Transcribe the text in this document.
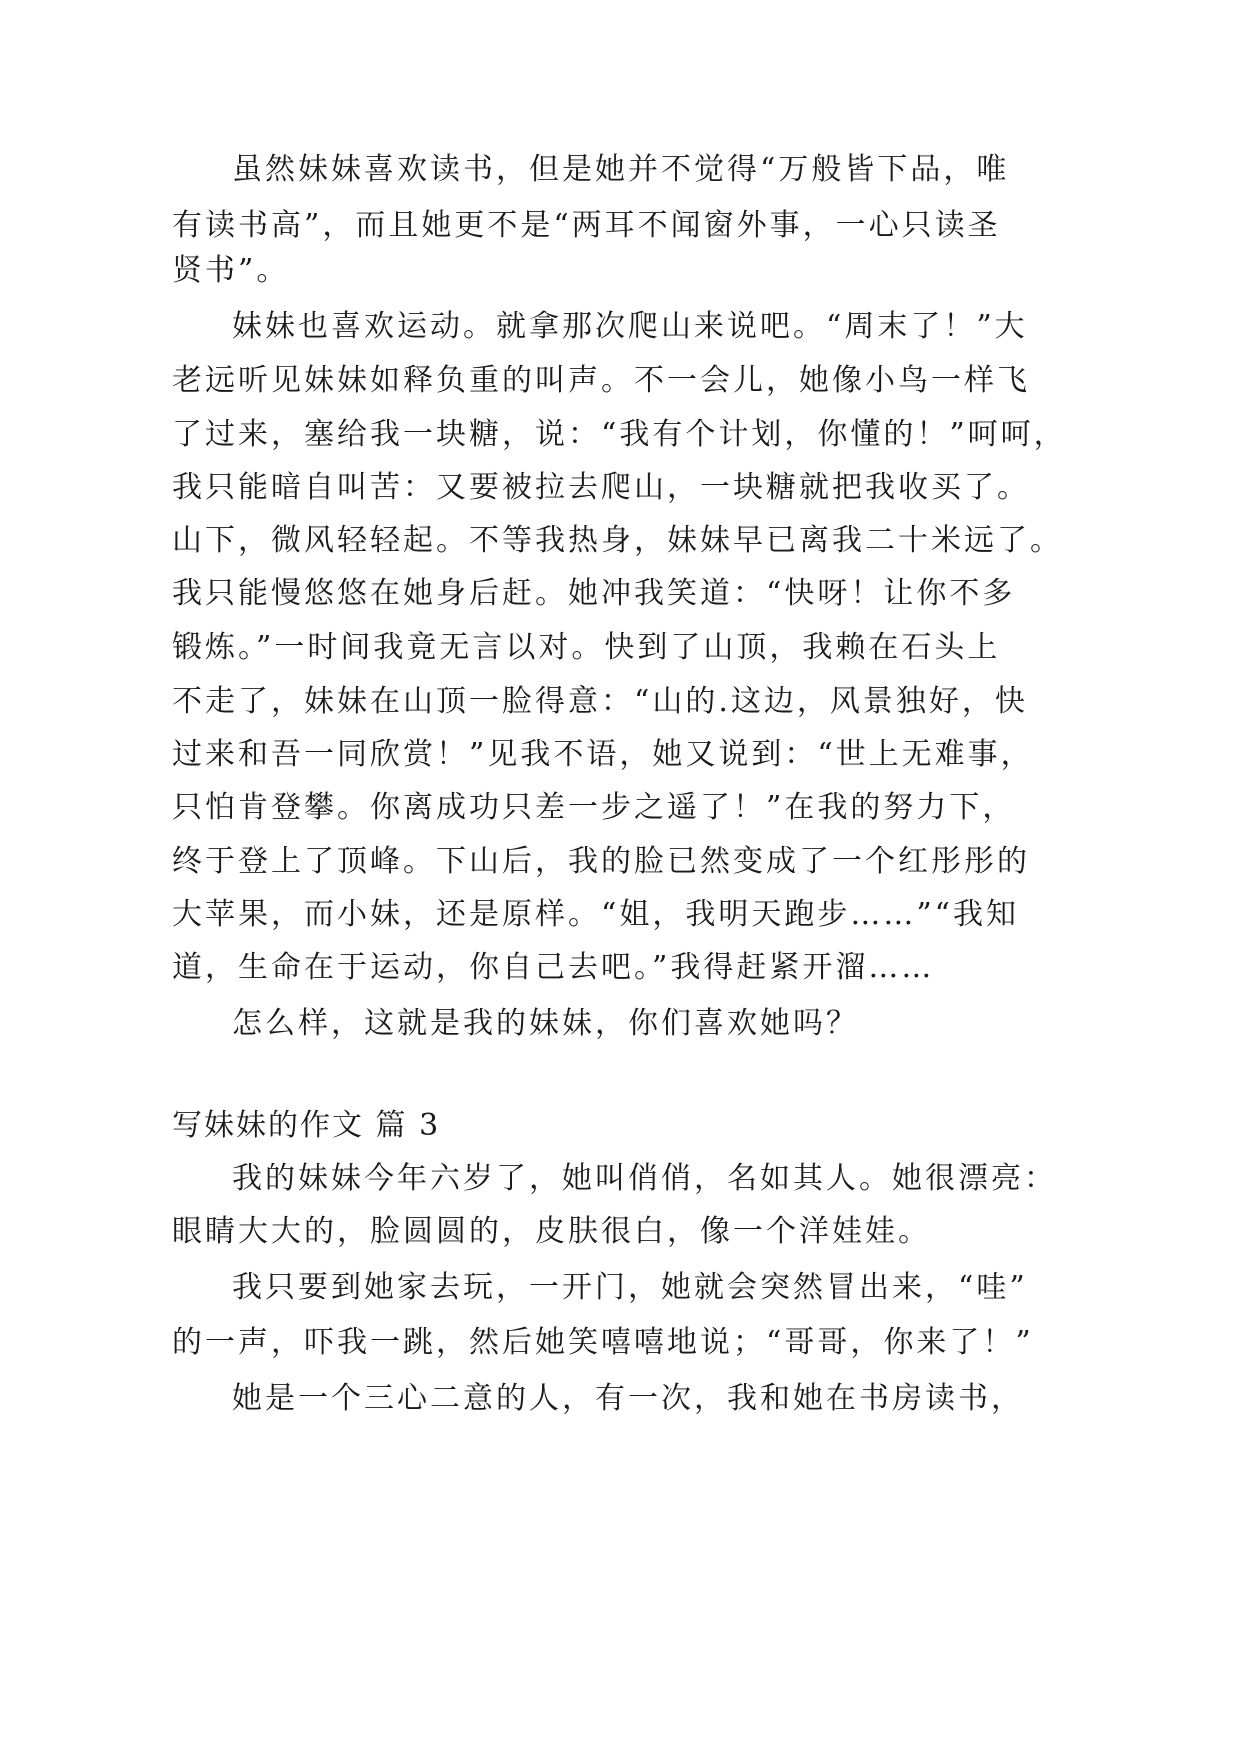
虽然妹妹喜欢读书，但是她并不觉得“万般皆下品，唯
有读书高”，而且她更不是“两耳不闻窗外事，一心只读圣
贤书”。
妹妹也喜欢运动。就拿那次爬山来说吧。“周末了！”大
老远听见妹妹如释负重的叫声。不一会儿，她像小鸟一样飞
了过来，塞给我一块糖，说：“我有个计划，你懂的！”呵呵，
我只能暗自叫苦：又要被拉去爬山，一块糖就把我收买了。
山下，微风轻轻起。不等我热身，妹妹早已离我二十米远了。
我只能慢悠悠在她身后赶。她冲我笑道：“快呀！让你不多
锻炼。”一时间我竟无言以对。快到了山顶，我赖在石头上
不走了，妹妹在山顶一脸得意：“山的.这边，风景独好，快
过来和吾一同欣赏！”见我不语，她又说到：“世上无难事，
只怕肯登攀。你离成功只差一步之遥了！”在我的努力下，
终于登上了顶峰。下山后，我的脸已然变成了一个红彤彤的
大苹果，而小妹，还是原样。“姐，我明天跑步……”“我知
道，生命在于运动，你自己去吧。”我得赶紧开溜……
怎么样，这就是我的妹妹，你们喜欢她吗？
写妹妹的作文 篇 3
我的妹妹今年六岁了，她叫俏俏，名如其人。她很漂亮：
眼睛大大的，脸圆圆的，皮肤很白，像一个洋娃娃。
我只要到她家去玩，一开门，她就会突然冒出来，“哇”
的一声，吓我一跳，然后她笑嘻嘻地说；“哥哥，你来了！”
她是一个三心二意的人，有一次，我和她在书房读书，
